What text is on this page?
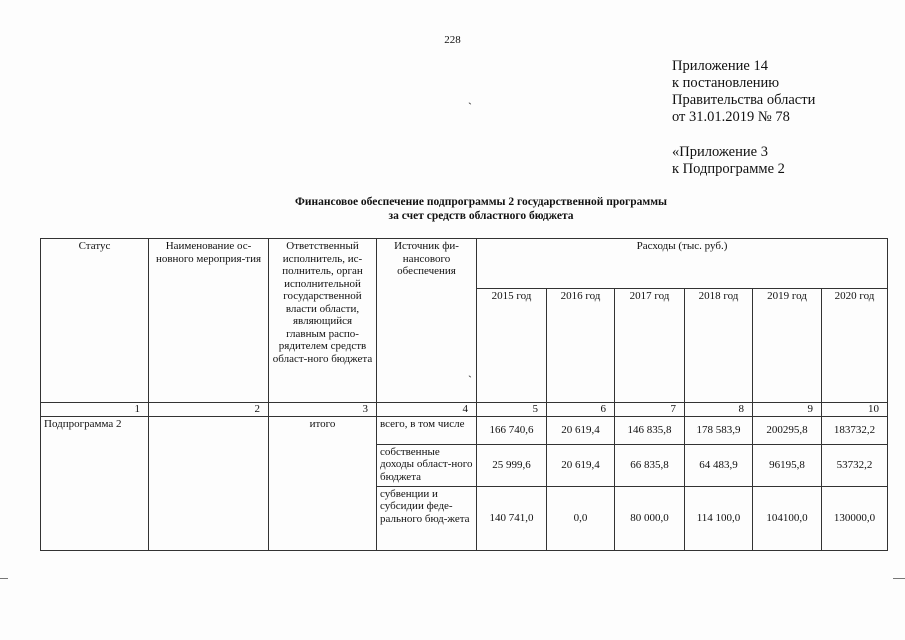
228
Приложение 14
к постановлению
Правительства области
от 31.01.2019 № 78
«Приложение 3
к Подпрограмме 2
ˋ
Финансовое обеспечение подпрограммы 2 государственной программы
за счет средств областного бюджета
Статус	Наименование ос-новного мероприя-тия	Ответственный исполнитель, ис-полнитель, орган исполнительной государственной власти области, являющийся главным распо-рядителем средств област-ного бюджета	Источник фи-нансового обеспечения	Расходы (тыс. руб.)					
				2015 год	2016 год	2017 год	2018 год	2019 год	2020 год
1	2	3	4	5	6	7	8	9	10
Подпрограмма 2		итого	всего, в том числе	166 740,6	20 619,4	146 835,8	178 583,9	200295,8	183732,2
			собственные доходы област-ного бюджета	25 999,6	20 619,4	66 835,8	64 483,9	96195,8	53732,2
			субвенции и субсидии феде-рального бюд-жета	140 741,0	0,0	80 000,0	114 100,0	104100,0	130000,0
ˋ
